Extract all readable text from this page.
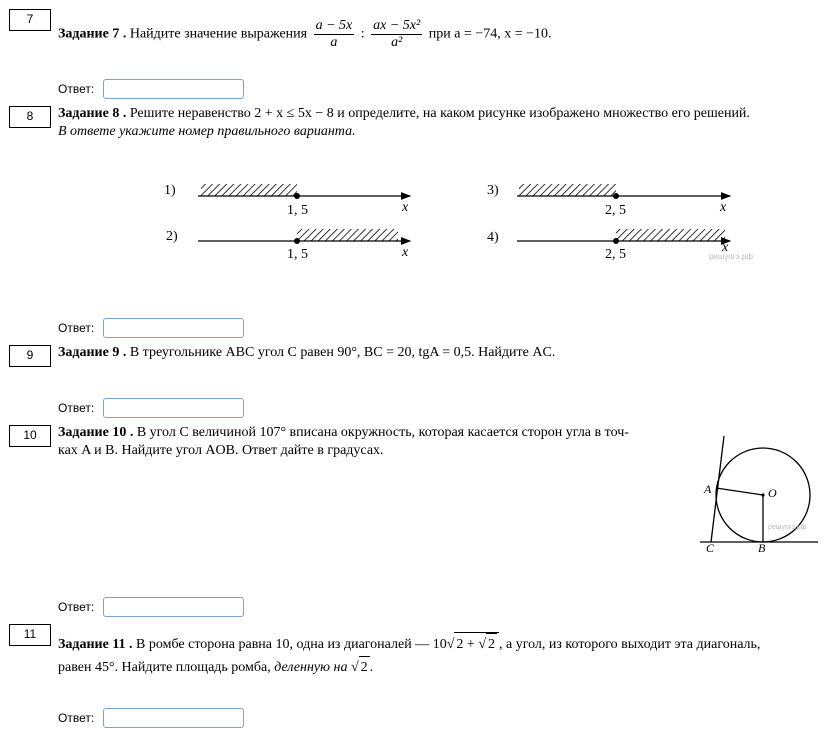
7
Задание 7 . Найдите значение выражения $\frac{a - 5x}{a}$ : $\frac{\text{ax − 5x²}}{\text{a²}}$ при a = −74, x = −10.
Ответ:
8	Задание 8 . Решите неравенство 2 + x ≤ 5x − 8 и определите, на каком рисунке изображено множество его решений.
В ответе укажите номер правильного варианта.
1)
1, 5	x
2)
1, 5	x
3)
2, 5	x
4)
2, 5	x
решуогэ.рф
Ответ:
9	Задание 9 . В треугольнике ABC угол C равен 90°, BC = 20, tgA = 0,5. Найдите AC.
Ответ:
10	Задание 10 . В угол C величиной 107° вписана окружность, которая касается сторон угла в точ-
ках A и B. Найдите угол AOB. Ответ дайте в градусах.
A	O
C	B
решуогэ.рф
Ответ:
11
Задание 11 . В ромбе сторона равна 10, одна из диагоналей — 10√ 2 + √ 2 , а угол, из которого выходит эта диагональ,
равен 45°. Найдите площадь ромба, деленную на √ 2 .
Ответ:
